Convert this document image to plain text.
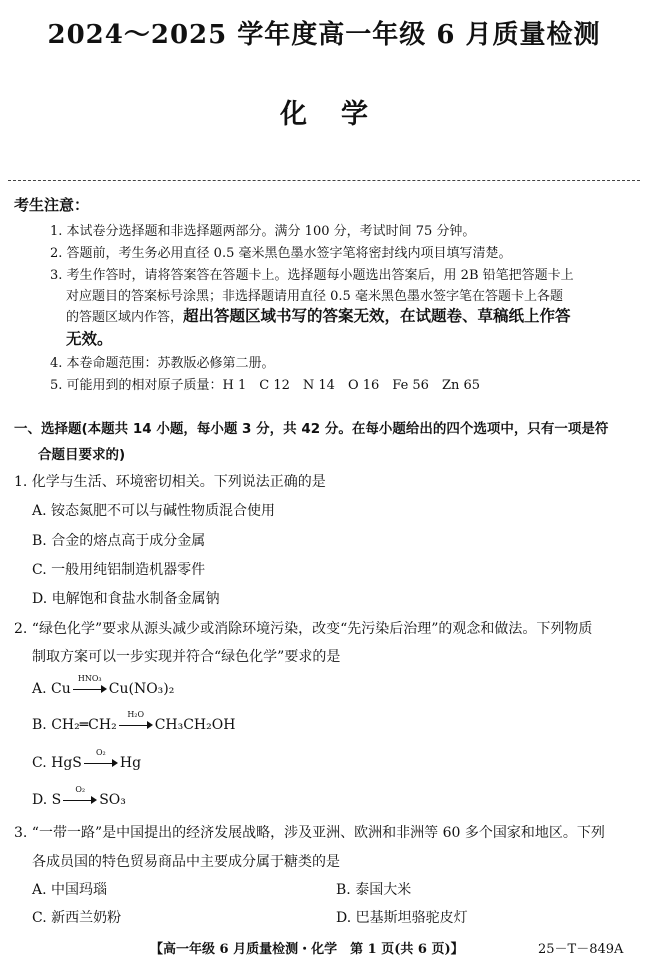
2024～2025 学年度高一年级 6 月质量检测
化学
考生注意：
1. 本试卷分选择题和非选择题两部分。满分 100 分，考试时间 75 分钟。
2. 答题前，考生务必用直径 0.5 毫米黑色墨水签字笔将密封线内项目填写清楚。
3. 考生作答时，请将答案答在答题卡上。选择题每小题选出答案后，用 2B 铅笔把答题卡上
对应题目的答案标号涂黑；非选择题请用直径 0.5 毫米黑色墨水签字笔在答题卡上各题
的答题区域内作答，超出答题区域书写的答案无效，在试题卷、草稿纸上作答
无效。
4. 本卷命题范围：苏教版必修第二册。
5. 可能用到的相对原子质量：H 1　C 12　N 14　O 16　Fe 56　Zn 65
一、选择题(本题共 14 小题，每小题 3 分，共 42 分。在每小题给出的四个选项中，只有一项是符
合题目要求的)
1. 化学与生活、环境密切相关。下列说法正确的是
A. 铵态氮肥不可以与碱性物质混合使用
B. 合金的熔点高于成分金属
C. 一般用纯铝制造机器零件
D. 电解饱和食盐水制备金属钠
2. “绿色化学”要求从源头减少或消除环境污染，改变“先污染后治理”的观念和做法。下列物质
制取方案可以一步实现并符合“绿色化学”要求的是
A. Cu
HNO₃
Cu(NO₃)₂
B. CH₂═CH₂
H₂O
CH₃CH₂OH
C. HgS
O₂
Hg
D. S
O₂
SO₃
3. “一带一路”是中国提出的经济发展战略，涉及亚洲、欧洲和非洲等 60 多个国家和地区。下列
各成员国的特色贸易商品中主要成分属于糖类的是
A. 中国玛瑙	B. 泰国大米
C. 新西兰奶粉	D. 巴基斯坦骆驼皮灯
【高一年级 6 月质量检测・化学　第 1 页(共 6 页)】	25－T－849A
